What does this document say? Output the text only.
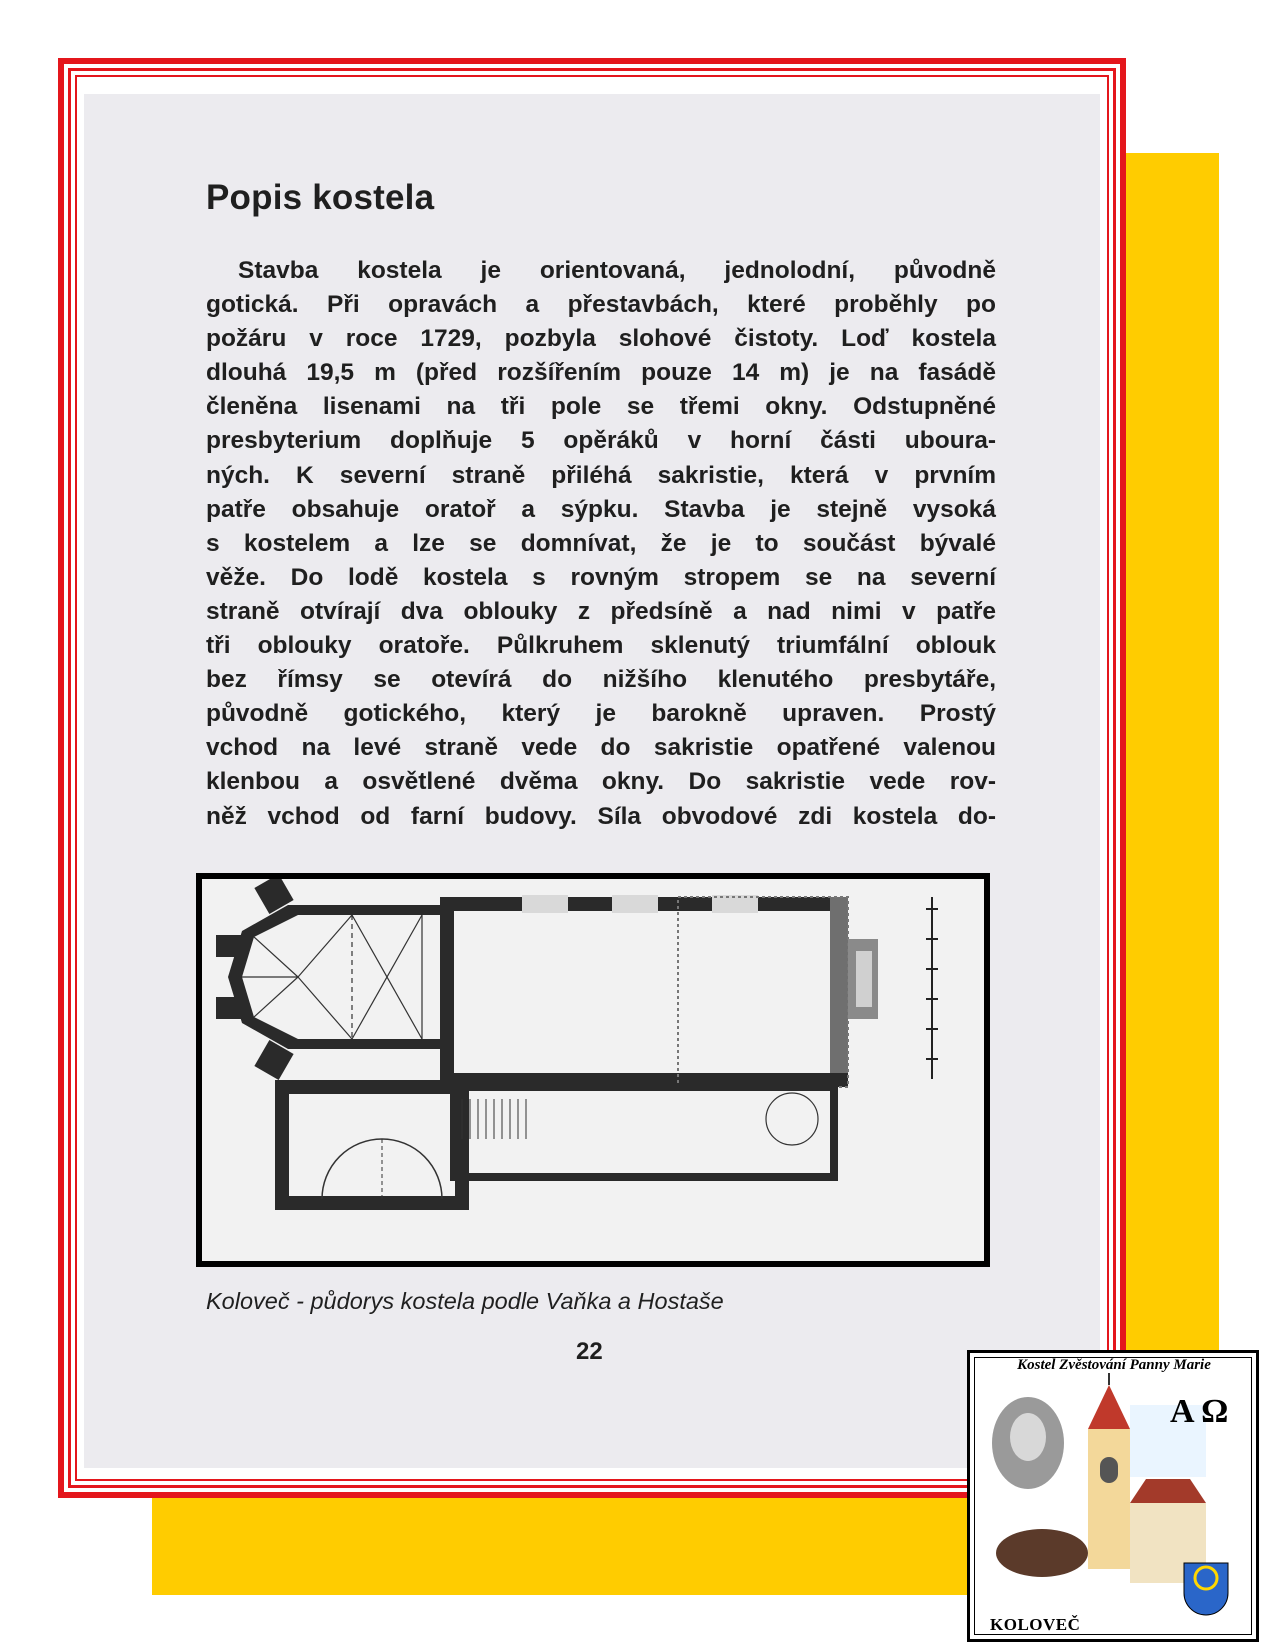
Popis kostela
Stavba kostela je orientovaná, jednolodní, původně
gotická. Při opravách a přestavbách, které proběhly po
požáru v roce 1729, pozbyla slohové čistoty. Loď kostela
dlouhá 19,5 m (před rozšířením pouze 14 m) je na fasádě
členěna lisenami na tři pole se třemi okny. Odstupněné
presbyterium doplňuje 5 opěráků v horní části uboura-
ných. K severní straně přiléhá sakristie, která v prvním
patře obsahuje oratoř a sýpku. Stavba je stejně vysoká
s kostelem a lze se domnívat, že je to součást bývalé
věže. Do lodě kostela s rovným stropem se na severní
straně otvírají dva oblouky z předsíně a nad nimi v patře
tři oblouky oratoře. Půlkruhem sklenutý triumfální oblouk
bez římsy se otevírá do nižšího klenutého presbytáře,
původně gotického, který je barokně upraven. Prostý
vchod na levé straně vede do sakristie opatřené valenou
klenbou a osvětlené dvěma okny. Do sakristie vede rov-
něž vchod od farní budovy. Síla obvodové zdi kostela do-

Koloveč - půdorys kostela podle Vaňka a Hostaše

22	Kostel Zvěstování Panny Marie
A Ω
KOLOVEČ
